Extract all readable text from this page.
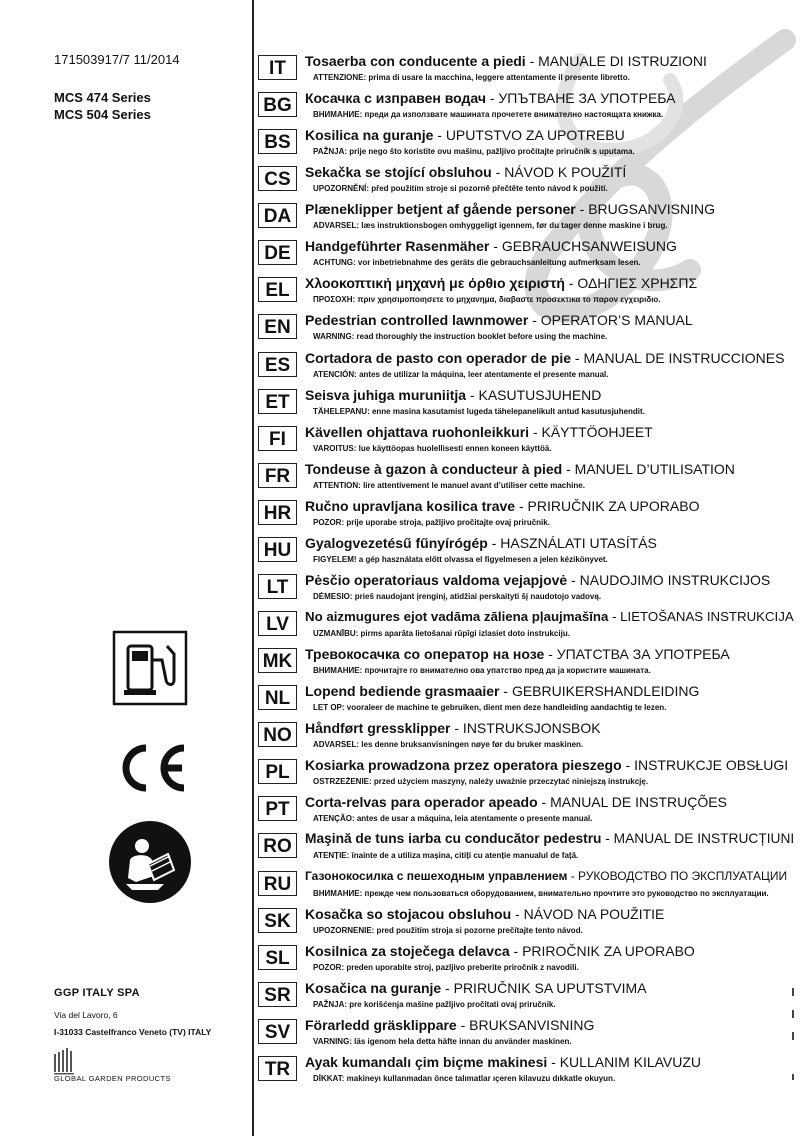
171503917/7 11/2014
MCS 474 Series
MCS 504 Series
GGP ITALY SPA
Via del Lavoro, 6
I-31033 Castelfranco Veneto (TV) ITALY
GLOBAL GARDEN PRODUCTS
IT	Tosaerba con conducente a piedi - MANUALE DI ISTRUZIONI
ATTENZIONE: prima di usare la macchina, leggere attentamente il presente libretto.
BG Косачка с изправен водач - УПЪТВАНЕ ЗА УПОТРЕБА
ВНИМАНИЕ: преди да използвате машината прочетете внимателно настоящата книжка.
BS	Kosilica na guranje - UPUTSTVO ZA UPOTREBU
PAŽNJA: prije nego što koristite ovu mašinu, pažljivo pročitajte priručnik s uputama.
CS	Sekačka se stojící obsluhou - NÁVOD K POUŽITÍ
UPOZORNĚNÍ: před použitím stroje si pozorně přečtěte tento návod k použití.
DA Plæneklipper betjent af gående personer - BRUGSANVISNING
ADVARSEL: læs instruktionsbogen omhyggeligt igennem, før du tager denne maskine i brug.
DE	Handgeführter Rasenmäher - GEBRAUCHSANWEISUNG
ACHTUNG: vor inbetriebnahme des geräts die gebrauchsanleitung aufmerksam lesen.
EL	Χλοοκοπτική μηχανή με όρθιο χειριστή - ΟΔΗΓΙΕΣ ΧΡΗΣΠΣ
ΠΡΟΣΟΧΗ: πριν χρησιμοποιησετε το μηχανημα, διαβαστε προσεκτικα το παρον εγχειριδιο.
EN	Pedestrian controlled lawnmower - OPERATOR’S MANUAL
WARNING: read thoroughly the instruction booklet before using the machine.
ES	Cortadora de pasto con operador de pie - MANUAL DE INSTRUCCIONES
ATENCIÓN: antes de utilizar la máquina, leer atentamente el presente manual.
ET	Seisva juhiga muruniitja - KASUTUSJUHEND
TÄHELEPANU: enne masina kasutamist lugeda tähelepanelikult antud kasutusjuhendit.
FI	Kävellen ohjattava ruohonleikkuri - KÄYTTÖOHJEET
VAROITUS: lue käyttöopas huolellisesti ennen koneen käyttöä.
FR	Tondeuse à gazon à conducteur à pied - MANUEL D’UTILISATION
ATTENTION: lire attentivement le manuel avant d’utiliser cette machine.
HR Ručno upravljana kosilica trave - PRIRUČNIK ZA UPORABO
POZOR: prije uporabe stroja, pažljivo pročitajte ovaj priručnik.
HU Gyalogvezetésű fűnyírógép - HASZNÁLATI UTASÍTÁS
FIGYELEM! a gép használata előtt olvassa el figyelmesen a jelen kézikönyvet.
LT	Pėsčio operatoriaus valdoma vejapjovė - NAUDOJIMO INSTRUKCIJOS
DĖMESIO: prieš naudojant įrenginį, atidžiai perskaityti šį naudotojo vadovą.
LV	No aizmugures ejot vadāma zāliena pļaujmašīna - LIETOŠANAS INSTRUKCIJA
UZMANĪBU: pirms aparāta lietošanai rūpīgi izlasiet doto instrukciju.
MK Тревокосачка со оператор на нозе - УПАТСТВА ЗА УПОТРЕБА
ВНИМАНИЕ: прочитајте го внимателно ова упатство пред да ја користите машината.
NL	Lopend bediende grasmaaier - GEBRUIKERSHANDLEIDING
LET OP: vooraleer de machine te gebruiken, dient men deze handleiding aandachtig te lezen.
NO Håndført gressklipper - INSTRUKSJONSBOK
ADVARSEL: les denne bruksanvisningen nøye før du bruker maskinen.
PL	Kosiarka prowadzona przez operatora pieszego - INSTRUKCJE OBSŁUGI
OSTRZEŻENIE: przed użyciem maszyny, należy uważnie przeczytać niniejszą instrukcję.
PT	Corta-relvas para operador apeado - MANUAL DE INSTRUÇÕES
ATENÇÃO: antes de usar a máquina, leia atentamente o presente manual.
RO Maşină de tuns iarba cu conducător pedestru - MANUAL DE INSTRUCȚIUNI
ATENȚIE: înainte de a utiliza mașina, citiți cu atenție manualul de față.
RU	Газонокосилка с пешеходным управлением - РУКОВОДСТВО ПО ЭКСПЛУАТАЦИИ
ВНИМАНИЕ: прежде чем пользоваться оборудованием, внимательно прочтите это руководство по эксплуатации.
SK	Kosačka so stojacou obsluhou - NÁVOD NA POUŽITIE
UPOZORNENIE: pred použitím stroja si pozorne prečítajte tento návod.
SL	Kosilnica za stoječega delavca - PRIROČNIK ZA UPORABO
POZOR: preden uporabite stroj, pazljivo preberite priročnik z navodili.
SR	Kosačica na guranje - PRIRUČNIK SA UPUTSTVIMA
PAŽNJA: pre korišćenja mašine pažljivo pročitati ovaj priručnik.
SV	Förarledd gräsklippare - BRUKSANVISNING
VARNING: läs igenom hela detta häfte innan du använder maskinen.
TR	Ayak kumandalı çim biçme makinesi - KULLANIM KILAVUZU
DİKKAT: makineyı kullanmadan önce talımatlar ıçeren kilavuzu dıkkatle okuyun.
